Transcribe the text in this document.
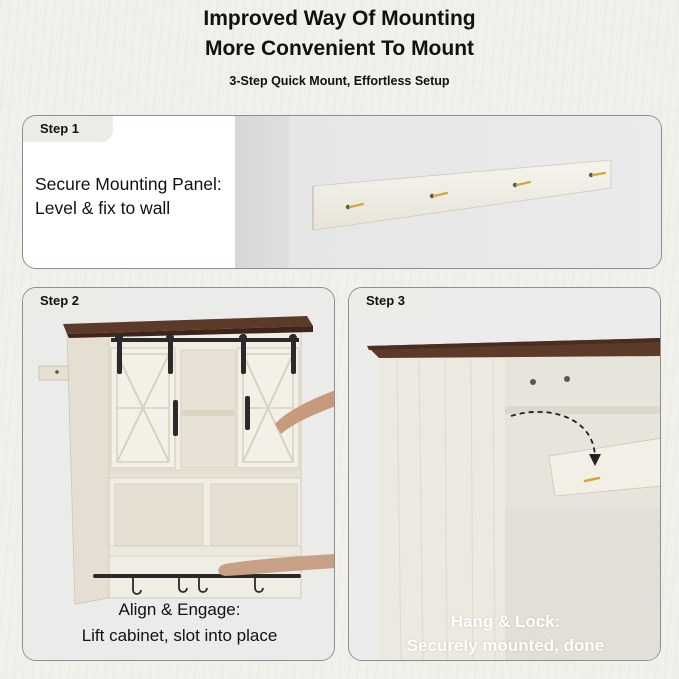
Improved Way Of Mounting
More Convenient To Mount
3-Step Quick Mount, Effortless Setup
Step 1
Secure Mounting Panel:
Level & fix to wall
Step 2
Align & Engage:
Lift cabinet, slot into place
Step 3
Hang & Lock:
Securely mounted, done
